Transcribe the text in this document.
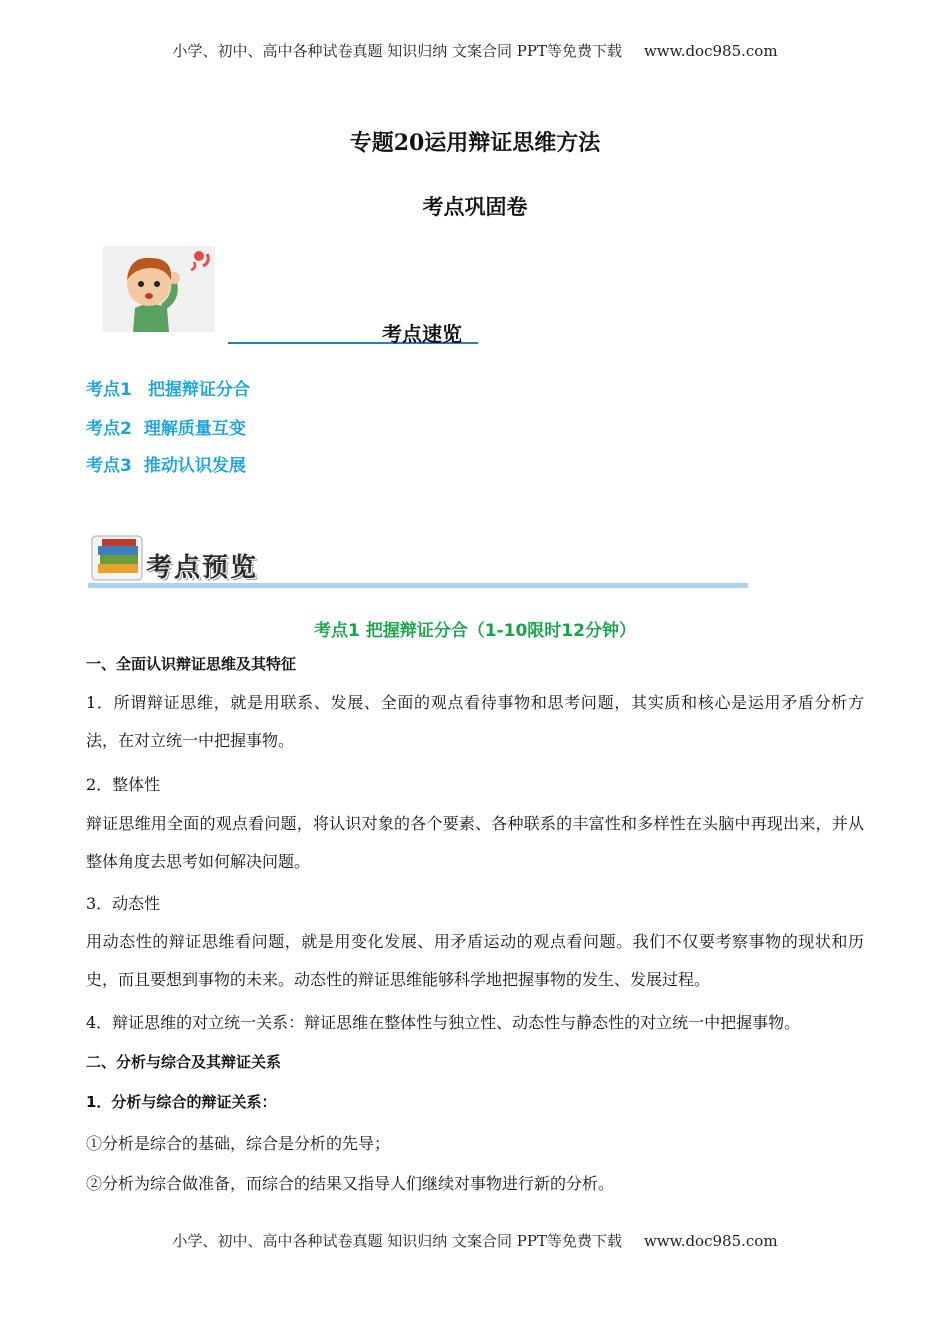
小学、初中、高中各种试卷真题 知识归纳 文案合同 PPT等免费下载 www.doc985.com
专题20运用辩证思维方法
考点巩固卷
考点速览
考点1 把握辩证分合
考点2 理解质量互变
考点3 推动认识发展
考点预览
考点1 把握辩证分合（1-10限时12分钟）
一、全面认识辩证思维及其特征
1．所谓辩证思维，就是用联系、发展、全面的观点看待事物和思考问题，其实质和核心是运用矛盾分析方法，在对立统一中把握事物。
2．整体性
辩证思维用全面的观点看问题，将认识对象的各个要素、各种联系的丰富性和多样性在头脑中再现出来，并从整体角度去思考如何解决问题。
3．动态性
用动态性的辩证思维看问题，就是用变化发展、用矛盾运动的观点看问题。我们不仅要考察事物的现状和历史，而且要想到事物的未来。动态性的辩证思维能够科学地把握事物的发生、发展过程。
4．辩证思维的对立统一关系：辩证思维在整体性与独立性、动态性与静态性的对立统一中把握事物。
二、分析与综合及其辩证关系
1．分析与综合的辩证关系：
①分析是综合的基础，综合是分析的先导；
②分析为综合做准备，而综合的结果又指导人们继续对事物进行新的分析。
小学、初中、高中各种试卷真题 知识归纳 文案合同 PPT等免费下载 www.doc985.com
